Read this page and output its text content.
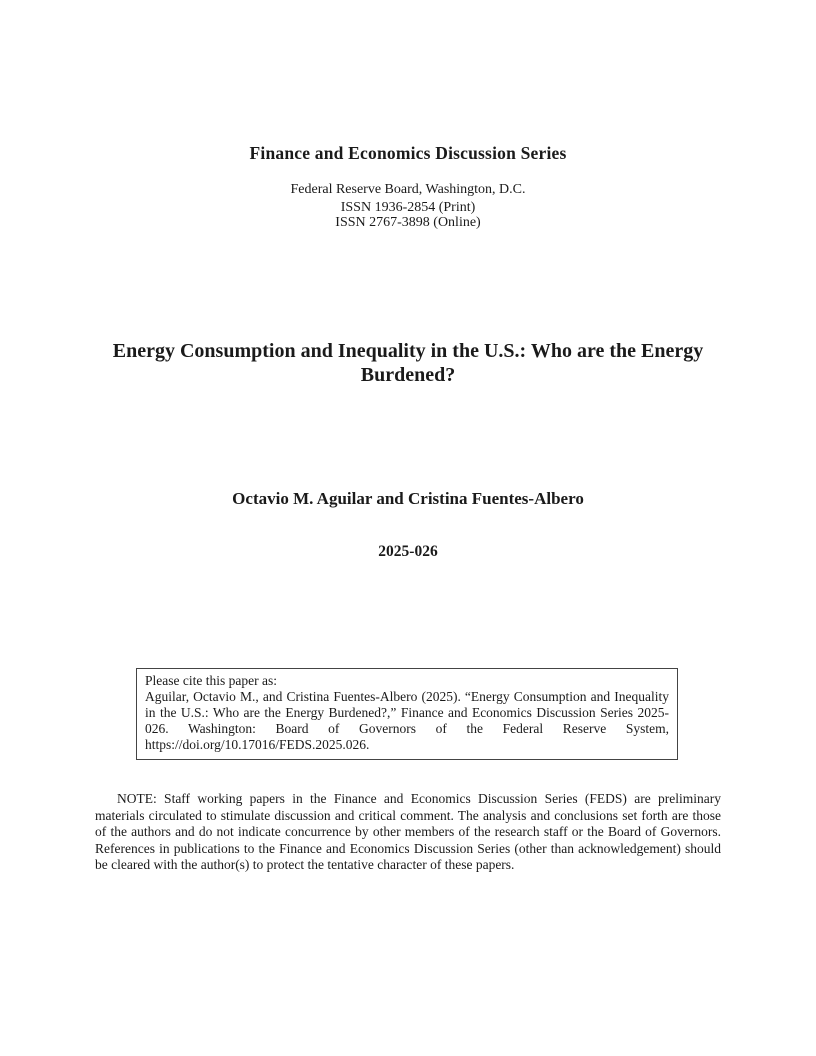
Finance and Economics Discussion Series
Federal Reserve Board, Washington, D.C.
ISSN 1936-2854 (Print)
ISSN 2767-3898 (Online)
Energy Consumption and Inequality in the U.S.: Who are the Energy Burdened?
Octavio M. Aguilar and Cristina Fuentes-Albero
2025-026
Please cite this paper as:
Aguilar, Octavio M., and Cristina Fuentes-Albero (2025). “Energy Consumption and Inequality in the U.S.: Who are the Energy Burdened?,” Finance and Economics Discussion Series 2025-026. Washington: Board of Governors of the Federal Reserve System, https://doi.org/10.17016/FEDS.2025.026.

NOTE: Staff working papers in the Finance and Economics Discussion Series (FEDS) are preliminary materials circulated to stimulate discussion and critical comment. The analysis and conclusions set forth are those of the authors and do not indicate concurrence by other members of the research staff or the Board of Governors. References in publications to the Finance and Economics Discussion Series (other than acknowledgement) should be cleared with the author(s) to protect the tentative character of these papers.
